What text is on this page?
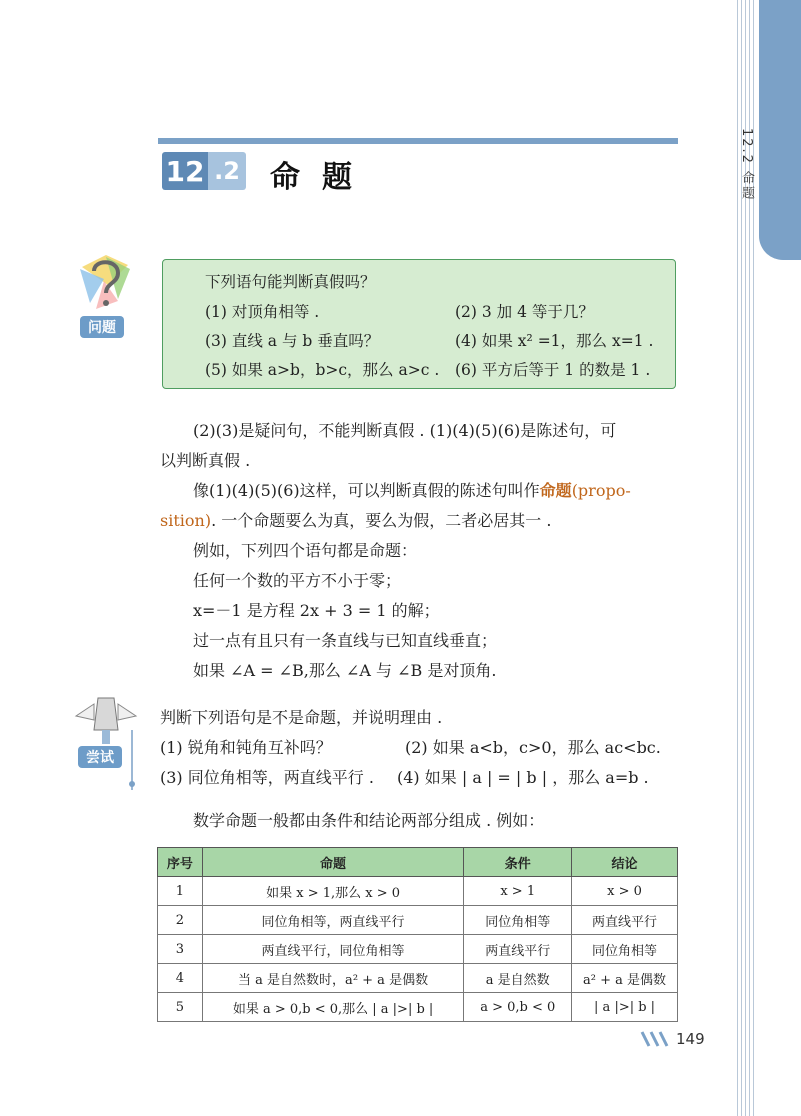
12.2 命题
12 .2 命题
问题
下列语句能判断真假吗？
(1) 对顶角相等 .	(2) 3 加 4 等于几？
(3) 直线 a 与 b 垂直吗？	(4) 如果 x² =1，那么 x=1 .
(5) 如果 a>b，b>c，那么 a>c . (6) 平方后等于 1 的数是 1 .
(2)(3)是疑问句，不能判断真假 . (1)(4)(5)(6)是陈述句，可
以判断真假 .
像(1)(4)(5)(6)这样，可以判断真假的陈述句叫作命题(propo-
sition). 一个命题要么为真，要么为假，二者必居其一 .
例如，下列四个语句都是命题：
任何一个数的平方不小于零；
x=－1 是方程 2x + 3 = 1 的解；
过一点有且只有一条直线与已知直线垂直；
如果 ∠A = ∠B,那么 ∠A 与 ∠B 是对顶角.
尝试
判断下列语句是不是命题，并说明理由 .
(1) 锐角和钝角互补吗？	(2) 如果 a<b，c>0，那么 ac<bc.
(3) 同位角相等，两直线平行 . (4) 如果 | a | = | b | ，那么 a=b .
数学命题一般都由条件和结论两部分组成 . 例如：
序号	命题	条件	结论
1	如果 x > 1,那么 x > 0	x > 1	x > 0
2	同位角相等，两直线平行	同位角相等	两直线平行
3	两直线平行，同位角相等	两直线平行	同位角相等
4	当 a 是自然数时，a² + a 是偶数	a 是自然数	a² + a 是偶数
5	如果 a > 0,b < 0,那么 | a |>| b |	a > 0,b < 0	| a |>| b |
149
